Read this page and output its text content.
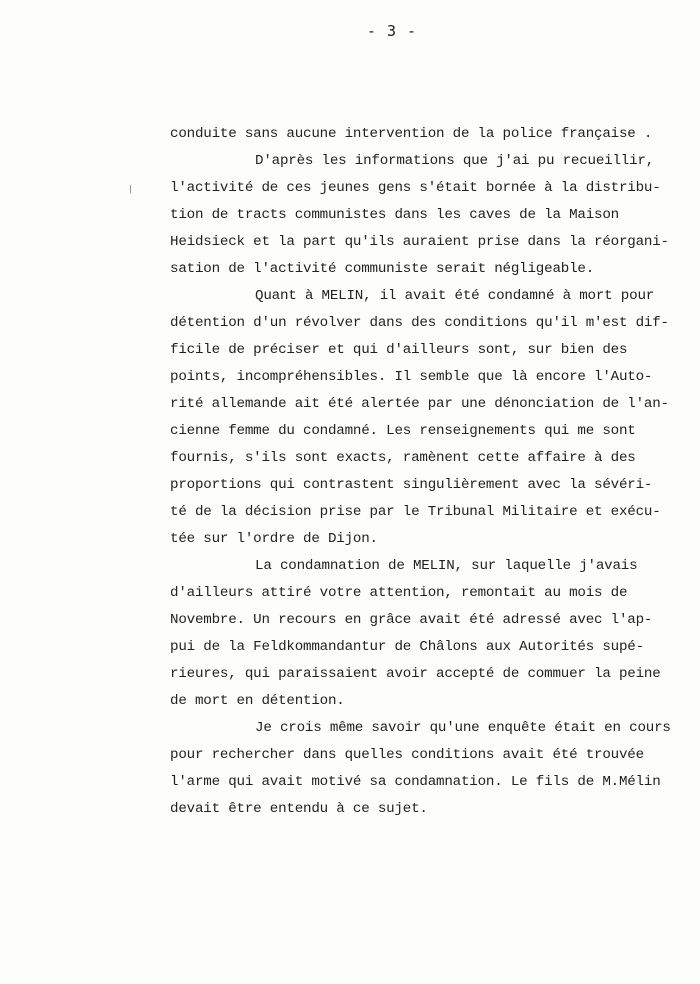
- 3 -
conduite sans aucune intervention de la police française .
D'après les informations que j'ai pu recueillir,
l'activité de ces jeunes gens s'était bornée à la distribu-
tion de tracts communistes dans les caves de la Maison
Heidsieck et la part qu'ils auraient prise dans la réorgani-
sation de l'activité communiste serait négligeable.
Quant à MELIN, il avait été condamné à mort pour
détention d'un révolver dans des conditions qu'il m'est dif-
ficile de préciser et qui d'ailleurs sont, sur bien des
points, incompréhensibles. Il semble que là encore l'Auto-
rité allemande ait été alertée par une dénonciation de l'an-
cienne femme du condamné. Les renseignements qui me sont
fournis, s'ils sont exacts, ramènent cette affaire à des
proportions qui contrastent singulièrement avec la sévéri-
té de la décision prise par le Tribunal Militaire et exécu-
tée sur l'ordre de Dijon.
La condamnation de MELIN, sur laquelle j'avais
d'ailleurs attiré votre attention, remontait au mois de
Novembre. Un recours en grâce avait été adressé avec l'ap-
pui de la Feldkommandantur de Châlons aux Autorités supé-
rieures, qui paraissaient avoir accepté de commuer la peine
de mort en détention.
Je crois même savoir qu'une enquête était en cours
pour rechercher dans quelles conditions avait été trouvée
l'arme qui avait motivé sa condamnation. Le fils de M.Mélin
devait être entendu à ce sujet.
